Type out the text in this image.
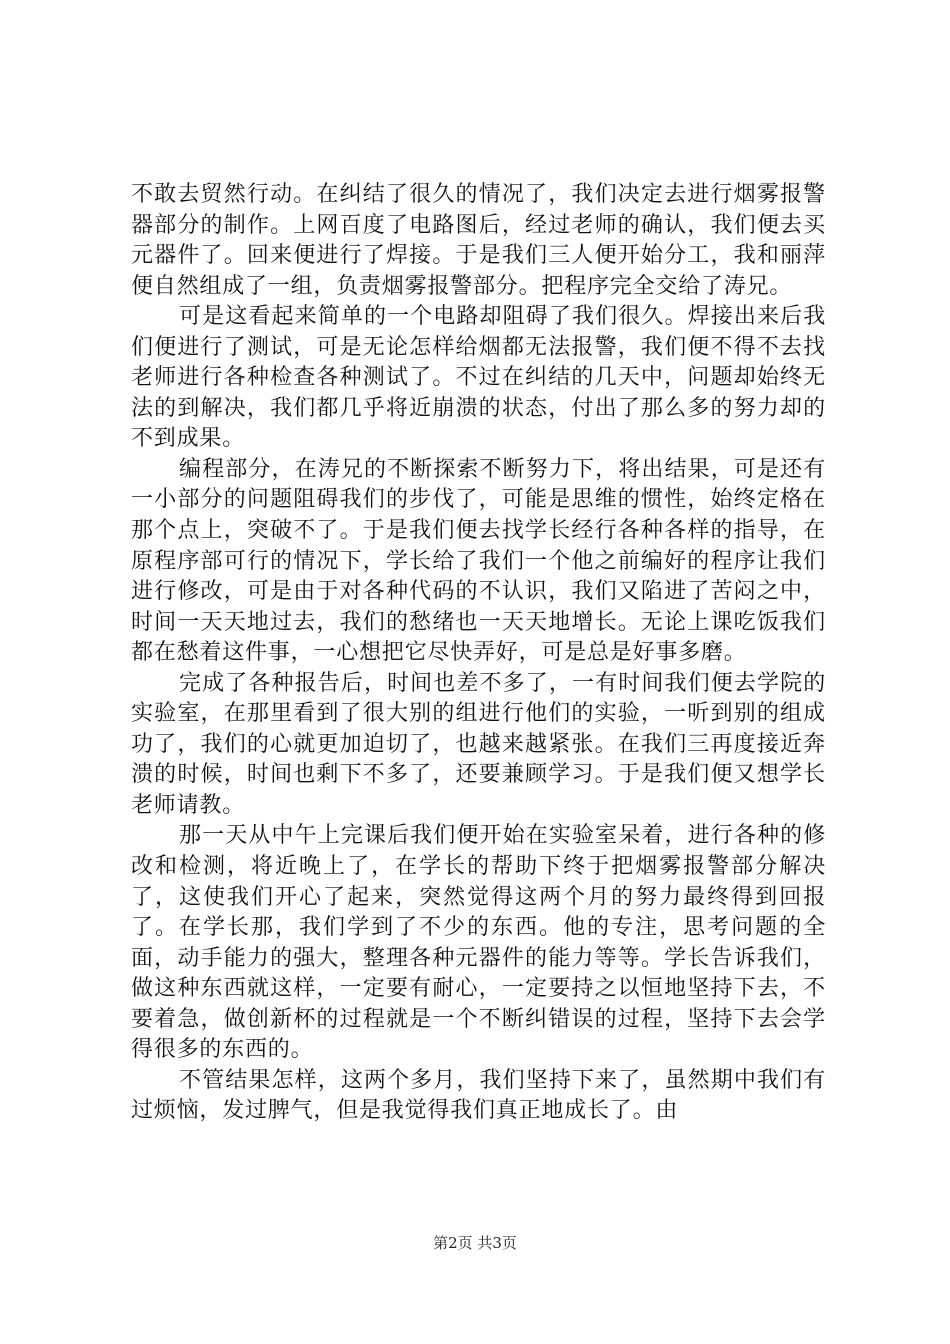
不敢去贸然行动。在纠结了很久的情况了，我们决定去进行烟雾报警器部分的制作。上网百度了电路图后，经过老师的确认，我们便去买元器件了。回来便进行了焊接。于是我们三人便开始分工，我和丽萍便自然组成了一组，负责烟雾报警部分。把程序完全交给了涛兄。

可是这看起来简单的一个电路却阻碍了我们很久。焊接出来后我们便进行了测试，可是无论怎样给烟都无法报警，我们便不得不去找老师进行各种检查各种测试了。不过在纠结的几天中，问题却始终无法的到解决，我们都几乎将近崩溃的状态，付出了那么多的努力却的不到成果。

编程部分，在涛兄的不断探索不断努力下，将出结果，可是还有一小部分的问题阻碍我们的步伐了，可能是思维的惯性，始终定格在那个点上，突破不了。于是我们便去找学长经行各种各样的指导，在原程序部可行的情况下，学长给了我们一个他之前编好的程序让我们进行修改，可是由于对各种代码的不认识，我们又陷进了苦闷之中，时间一天天地过去，我们的愁绪也一天天地增长。无论上课吃饭我们都在愁着这件事，一心想把它尽快弄好，可是总是好事多磨。

完成了各种报告后，时间也差不多了，一有时间我们便去学院的实验室，在那里看到了很大别的组进行他们的实验，一听到别的组成功了，我们的心就更加迫切了，也越来越紧张。在我们三再度接近奔溃的时候，时间也剩下不多了，还要兼顾学习。于是我们便又想学长老师请教。

那一天从中午上完课后我们便开始在实验室呆着，进行各种的修改和检测，将近晚上了，在学长的帮助下终于把烟雾报警部分解决了，这使我们开心了起来，突然觉得这两个月的努力最终得到回报了。在学长那，我们学到了不少的东西。他的专注，思考问题的全面，动手能力的强大，整理各种元器件的能力等等。学长告诉我们，做这种东西就这样，一定要有耐心，一定要持之以恒地坚持下去，不要着急，做创新杯的过程就是一个不断纠错误的过程，坚持下去会学得很多的东西的。

不管结果怎样，这两个多月，我们坚持下来了，虽然期中我们有过烦恼，发过脾气，但是我觉得我们真正地成长了。由

第2页 共3页
